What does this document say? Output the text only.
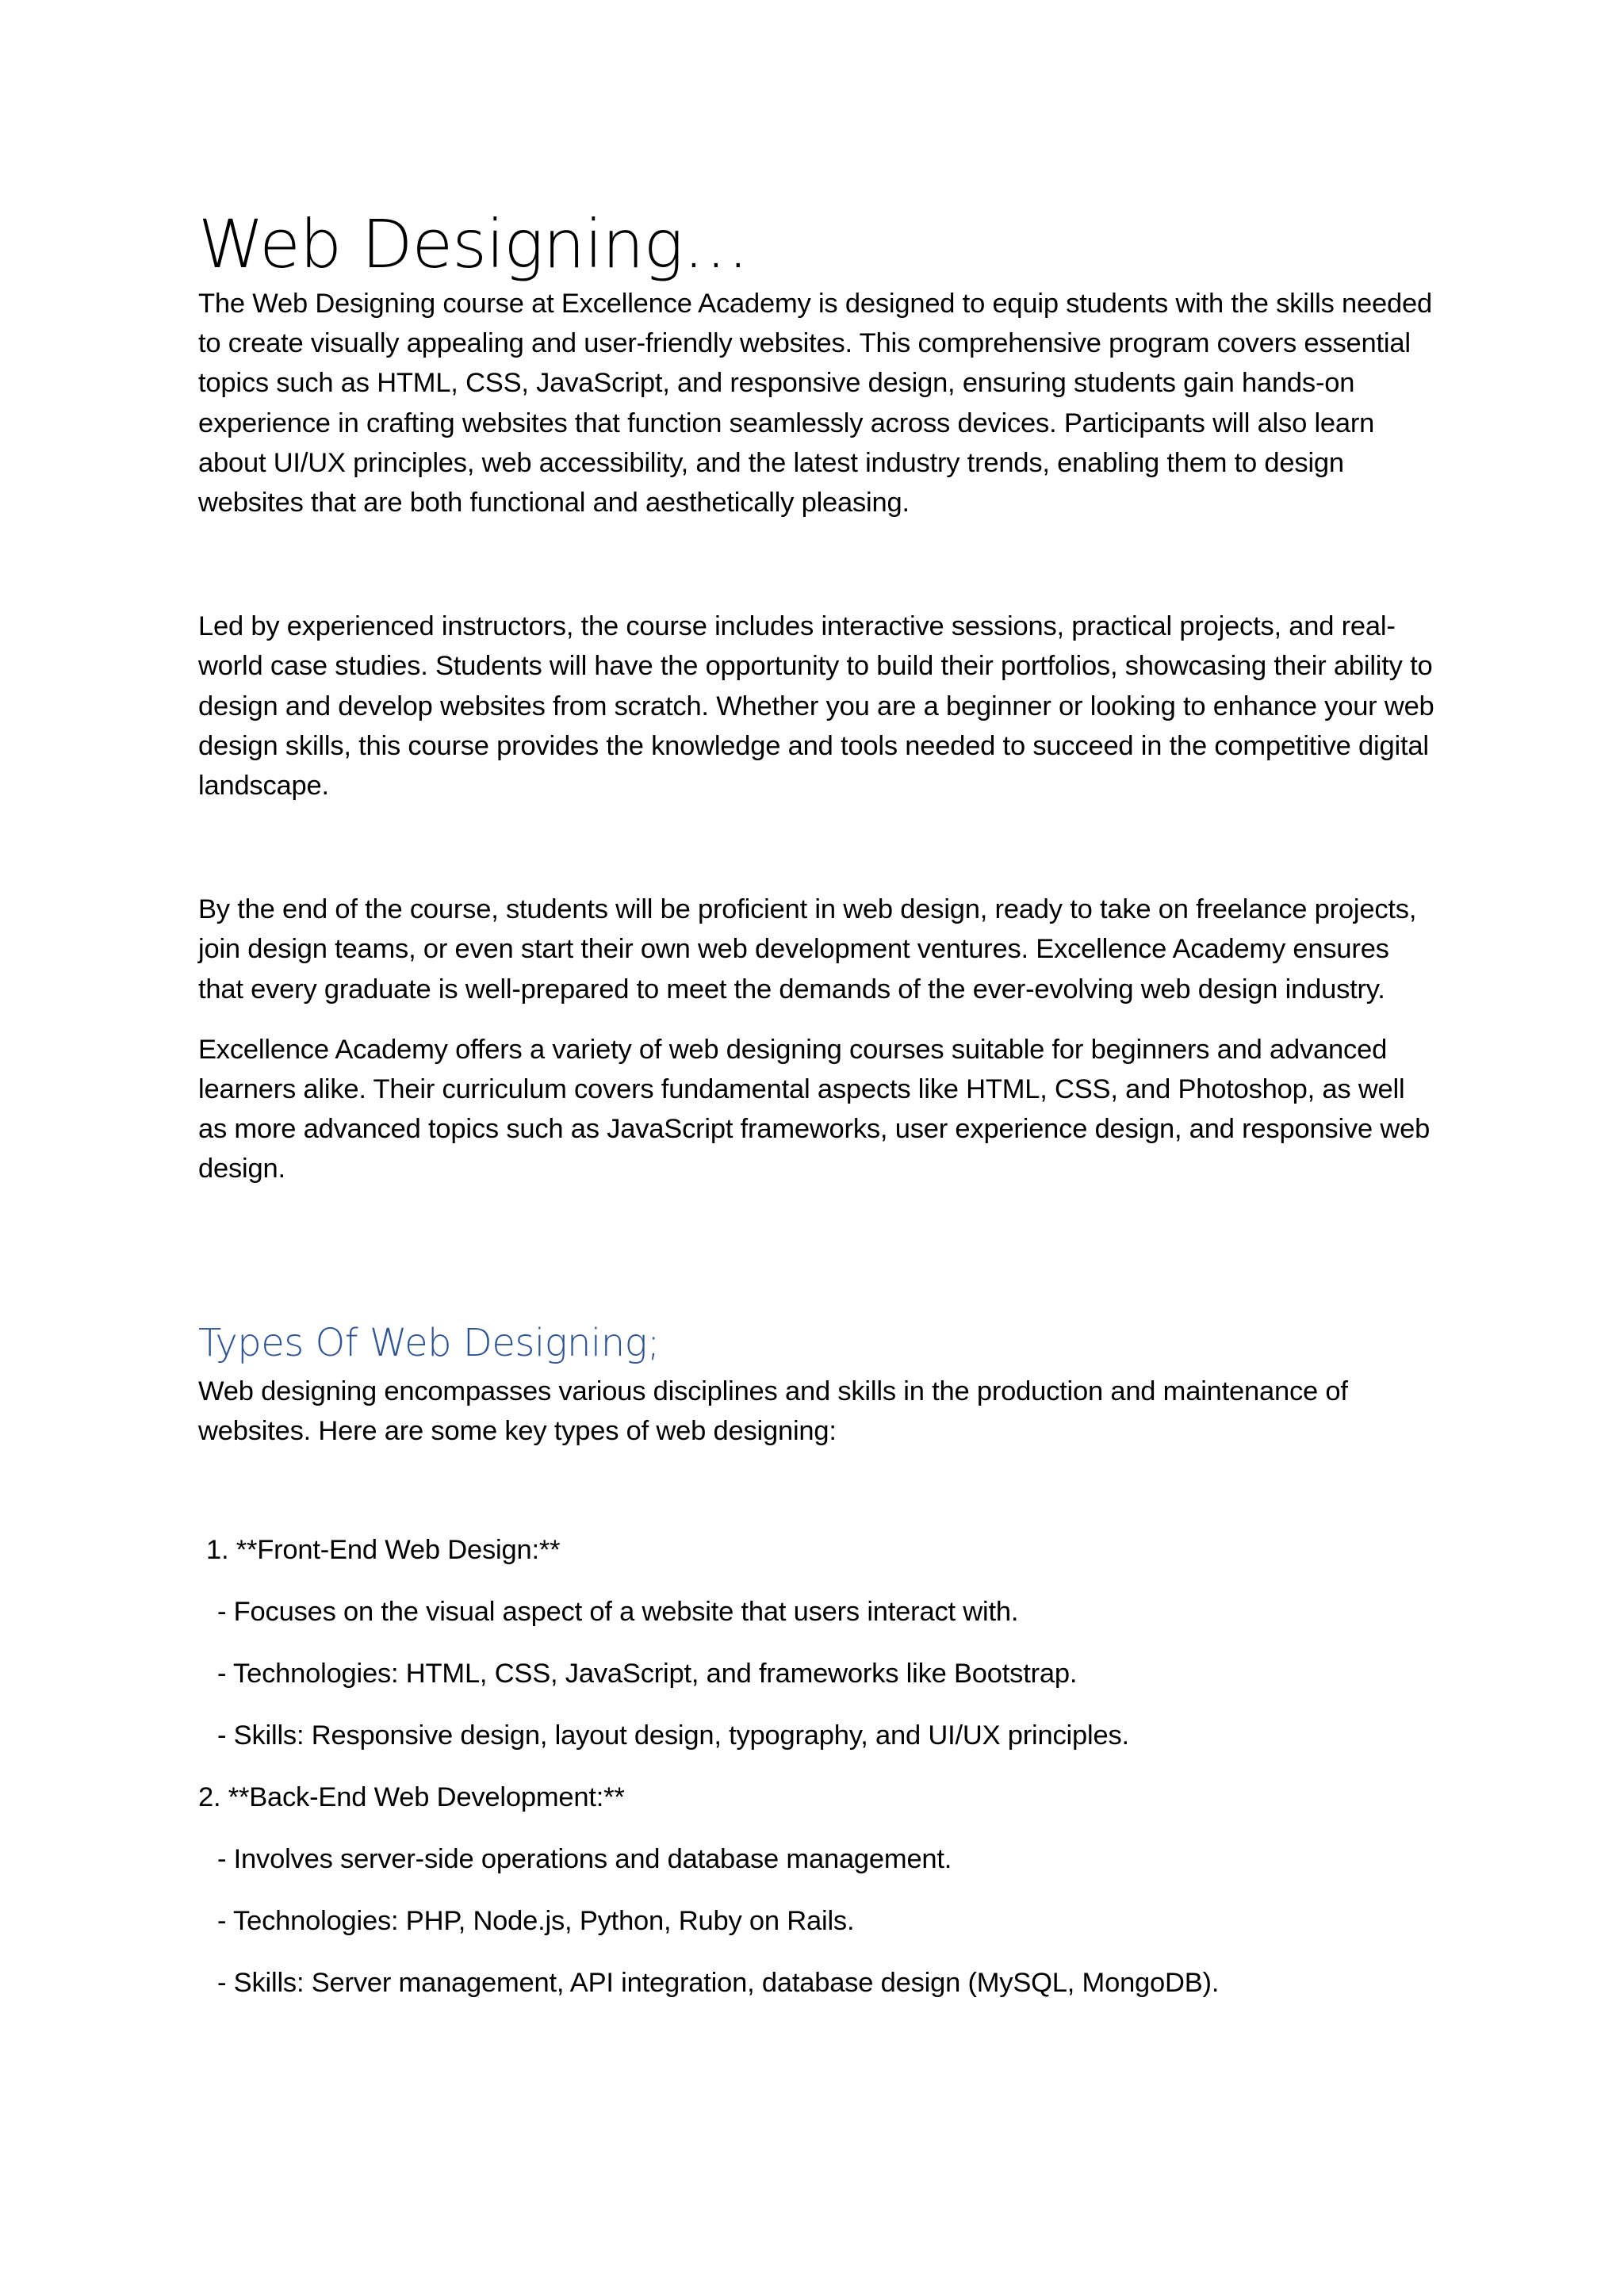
Web Designing…

The Web Designing course at Excellence Academy is designed to equip students with the skills needed to create visually appealing and user-friendly websites. This comprehensive program covers essential topics such as HTML, CSS, JavaScript, and responsive design, ensuring students gain hands-on experience in crafting websites that function seamlessly across devices. Participants will also learn about UI/UX principles, web accessibility, and the latest industry trends, enabling them to design websites that are both functional and aesthetically pleasing.

Led by experienced instructors, the course includes interactive sessions, practical projects, and real-world case studies. Students will have the opportunity to build their portfolios, showcasing their ability to design and develop websites from scratch. Whether you are a beginner or looking to enhance your web design skills, this course provides the knowledge and tools needed to succeed in the competitive digital landscape.

By the end of the course, students will be proficient in web design, ready to take on freelance projects, join design teams, or even start their own web development ventures. Excellence Academy ensures that every graduate is well-prepared to meet the demands of the ever-evolving web design industry.

Excellence Academy offers a variety of web designing courses suitable for beginners and advanced learners alike. Their curriculum covers fundamental aspects like HTML, CSS, and Photoshop, as well as more advanced topics such as JavaScript frameworks, user experience design, and responsive web design.

Types Of Web Designing;

Web designing encompasses various disciplines and skills in the production and maintenance of websites. Here are some key types of web designing:

1. **Front-End Web Design:**

- Focuses on the visual aspect of a website that users interact with.

- Technologies: HTML, CSS, JavaScript, and frameworks like Bootstrap.

- Skills: Responsive design, layout design, typography, and UI/UX principles.

2. **Back-End Web Development:**

- Involves server-side operations and database management.

- Technologies: PHP, Node.js, Python, Ruby on Rails.

- Skills: Server management, API integration, database design (MySQL, MongoDB).
